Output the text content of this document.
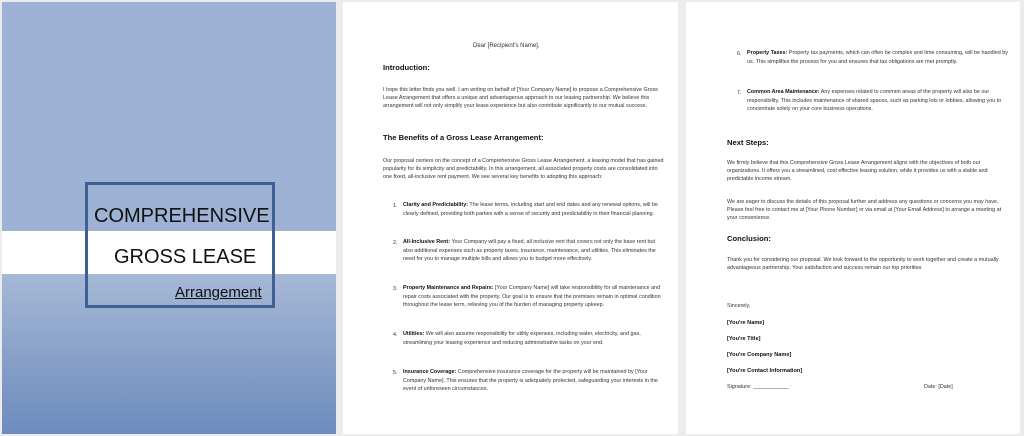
COMPREHENSIVE
GROSS LEASE
Arrangement
Dear [Recipient's Name],
Introduction:
I hope this letter finds you well. I am writing on behalf of [Your Company Name] to propose a Comprehensive Gross Lease Arrangement that offers a unique and advantageous approach to our leasing partnership. We believe this arrangement will not only simplify your lease experience but also contribute significantly to our mutual success.
The Benefits of a Gross Lease Arrangement:
Our proposal centers on the concept of a Comprehensive Gross Lease Arrangement, a leasing model that has gained popularity for its simplicity and predictability. In this arrangement, all associated property costs are consolidated into one fixed, all-inclusive rent payment. We see several key benefits to adopting this approach:
1. Clarity and Predictability: The lease terms, including start and end dates and any renewal options, will be clearly defined, providing both parties with a sense of security and predictability in their financial planning.
2. All-Inclusive Rent: Your Company will pay a fixed, all inclusive rent that covers not only the base rent but also additional expenses such as property taxes, insurance, maintenance, and utilities. This eliminates the need for you to manage multiple bills and allows you to budget more effectively.
3. Property Maintenance and Repairs: [Your Company Name] will take responsibility for all maintenance and repair costs associated with the property. Our goal is to ensure that the premises remain in optimal condition throughout the lease term, relieving you of the burden of managing property upkeep.
4. Utilities: We will also assume responsibility for utility expenses, including water, electricity, and gas, streamlining your leasing experience and reducing administrative tasks on your end.
5. Insurance Coverage: Comprehensive insurance coverage for the property will be maintained by [Your Company Name]. This ensures that the property is adequately protected, safeguarding your interests in the event of unforeseen circumstances.
6. Property Taxes: Property tax payments, which can often be complex and time consuming, will be handled by us. This simplifies the process for you and ensures that tax obligations are met promptly.
7. Common Area Maintenance: Any expenses related to common areas of the property will also be our responsibility. This includes maintenance of shared spaces, such as parking lots or lobbies, allowing you to concentrate solely on your core business operations.
Next Steps:
We firmly believe that this Comprehensive Gross Lease Arrangement aligns with the objectives of both our organizations. It offers you a streamlined, cost effective leasing solution, while it provides us with a stable and predictable income stream.
We are eager to discuss the details of this proposal further and address any questions or concerns you may have. Please feel free to contact me at [Your Phone Number] or via email at [Your Email Address] to arrange a meeting at your convenience.
Conclusion:
Thank you for considering our proposal. We look forward to the opportunity to work together and create a mutually advantageous partnership. Your satisfaction and success remain our top priorities.
Sincerely,
[You're Name]
[You're Title]
[You're Company Name]
[You're Contact Information]
Signature: ____________	Date: [Date]
